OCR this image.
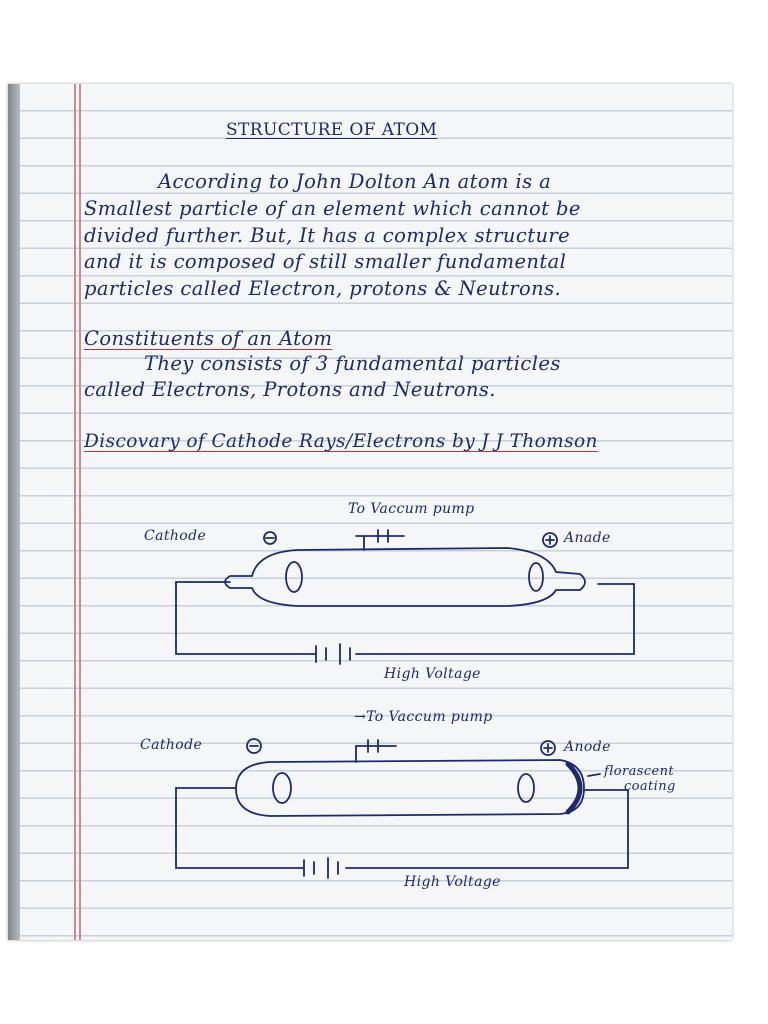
STRUCTURE OF ATOM
According to John Dolton An atom is a
Smallest particle of an element which cannot be
divided further. But, It has a complex structure
and it is composed of still smaller fundamental
particles called Electron, protons & Neutrons.
Constituents of an Atom
They consists of 3 fundamental particles
called Electrons, Protons and Neutrons.
Discovary of Cathode Rays/Electrons by J J Thomson
To Vaccum pump
Cathode	Anade
High Voltage
→To Vaccum pump
Cathode	Anode
florascent
coating
High Voltage
